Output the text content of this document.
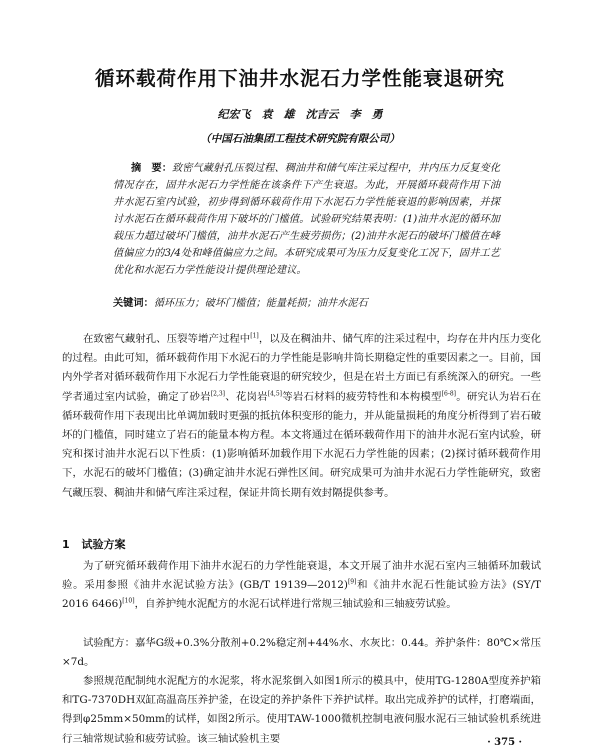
循环载荷作用下油井水泥石力学性能衰退研究
纪宏飞　袁　雄　沈吉云　李　勇
（中国石油集团工程技术研究院有限公司）
摘　要：致密气藏射孔压裂过程、稠油井和储气库注采过程中，井内压力反复变化情况存在，固井水泥石力学性能在该条件下产生衰退。为此，开展循环载荷作用下油井水泥石室内试验，初步得到循环载荷作用下水泥石力学性能衰退的影响因素，并探讨水泥石在循环载荷作用下破坏的门槛值。试验研究结果表明：(1)油井水泥的循环加载压力超过破坏门槛值，油井水泥石产生疲劳损伤；(2)油井水泥石的破坏门槛值在峰值偏应力的3/4处和峰值偏应力之间。本研究成果可为压力反复变化工况下，固井工艺优化和水泥石力学性能设计提供理论建议。
关键词：循环压力；破坏门槛值；能量耗损；油井水泥石

在致密气藏射孔、压裂等增产过程中[1]，以及在稠油井、储气库的注采过程中，均存在井内压力变化的过程。由此可知，循环载荷作用下水泥石的力学性能是影响井筒长期稳定性的重要因素之一。目前，国内外学者对循环载荷作用下水泥石力学性能衰退的研究较少，但是在岩土方面已有系统深入的研究。一些学者通过室内试验，确定了砂岩[2,3]、花岗岩[4,5]等岩石材料的疲劳特性和本构模型[6-8]。研究认为岩石在循环载荷作用下表现出比单调加载时更强的抵抗体积变形的能力，并从能量损耗的角度分析得到了岩石破坏的门槛值，同时建立了岩石的能量本构方程。本文将通过在循环载荷作用下的油井水泥石室内试验，研究和探讨油井水泥石以下性质：(1)影响循环加载作用下水泥石力学性能的因素；(2)探讨循环载荷作用下，水泥石的破坏门槛值；(3)确定油井水泥石弹性区间。研究成果可为油井水泥石力学性能研究，致密气藏压裂、稠油井和储气库注采过程，保证井筒长期有效封隔提供参考。

1 试验方案

为了研究循环载荷作用下油井水泥石的力学性能衰退，本文开展了油井水泥石室内三轴循环加载试验。采用参照《油井水泥试验方法》(GB/T 19139—2012)[9]和《油井水泥石性能试验方法》(SY/T 2016 6466)[10]，自养护纯水泥配方的水泥石试样进行常规三轴试验和三轴疲劳试验。

试验配方：嘉华G级+0.3%分散剂+0.2%稳定剂+44%水、水灰比：0.44。养护条件：80℃×常压×7d。

参照规范配制纯水泥配方的水泥浆，将水泥浆倒入如图1所示的模具中，使用TG-1280A型度养护箱和TG-7370DH双缸高温高压养护釜，在设定的养护条件下养护试样。取出完成养护的试样，打磨端面，得到φ25mm×50mm的试样，如图2所示。使用TAW-1000微机控制电液伺服水泥石三轴试验机系统进行三轴常规试验和疲劳试验。该三轴试验机主要	· 375 ·
